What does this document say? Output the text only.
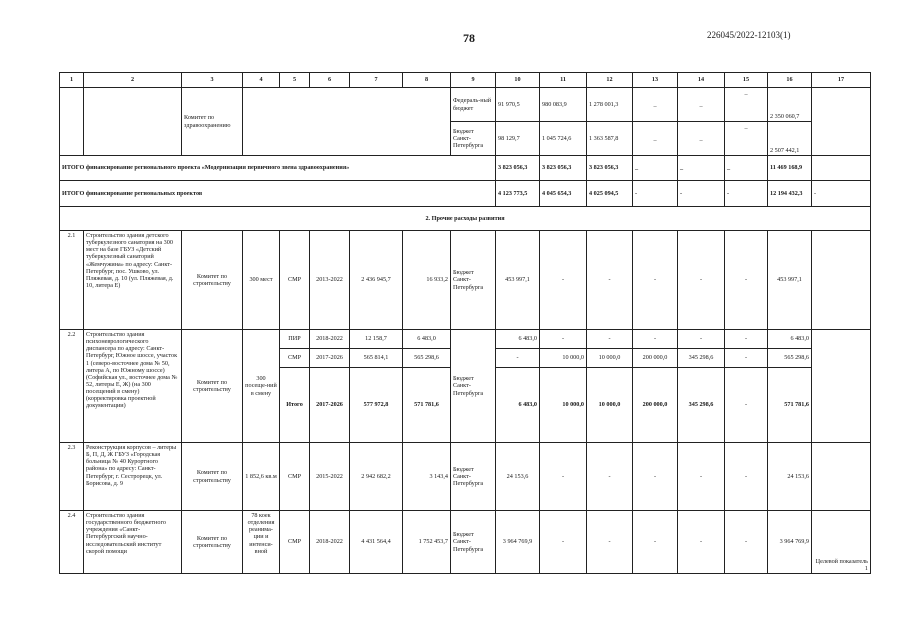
78	226045/2022-12103(1)
1	2	3	4	5	6	7	8	9	10	11	12	13	14	15	16	17
		Комитет по здравоохранению						Федераль-ный бюджет	91 970,5	980 083,9	1 278 001,3	_	_	_	2 350 060,7	
								Бюджет Санкт-Петербурга	98 129,7	1 045 724,6	1 363 587,8	_	_	_	2 507 442,1	
ИТОГО финансирование регионального проекта «Модернизация первичного звена здравоохранения»									3 823 056,3	3 823 056,3	3 823 056,3	_	_	_	11 469 168,9	
ИТОГО финансирование региональных проектов									4 123 773,5	4 045 654,3	4 025 094,5	-	-	-	12 194 432,3	-
2. Прочие расходы развития																
2.1	Строительство здания детского туберкулезного санатория на 300 мест на базе ГБУЗ «Детский туберкулезный санаторий «Жемчужина» по адресу: Санкт-Петербург, пос. Ушково, ул. Пляжевая, д. 10 (ул. Пляжевая, д. 10, литера Е)	Комитет по строительству	300 мест	СМР	2013-2022	2 436 945,7	16 933,2	Бюджет Санкт-Петербурга	453 997,1	-	-	-	-	-	453 997,1	
2.2	Строительство здания психоневрологического диспансера по адресу: Санкт-Петербург, Южное шоссе, участок 1 (северо-восточнее дома № 50, литера А, по Южному шоссе) (Софийская ул., восточнее дома № 52, литеры Е, Ж) (на 300 посещений в смену) (корректировка проектной документации)	Комитет по строительству	300 посеще-ний в смену	ПИР	2018-2022	12 158,7	6 483,0	Бюджет Санкт-Петербурга	6 483,0	-	-	-	-	-	6 483,0	
				СМР	2017-2026	565 814,1	565 298,6		-	10 000,0	10 000,0	200 000,0	345 298,6	-	565 298,6	
				Итого	2017-2026	577 972,8	571 781,6		6 483,0	10 000,0	10 000,0	200 000,0	345 298,6	-	571 781,6	
2.3	Реконструкция корпусов – литеры Б, П, Д, Ж ГБУЗ «Городская больница № 40 Курортного района» по адресу: Санкт-Петербург, г. Сестрорецк, ул. Борисова, д. 9	Комитет по строительству	1 852,6 кв.м	СМР	2015-2022	2 942 682,2	3 143,4	Бюджет Санкт-Петербурга	24 153,6	-	-	-	-	-	24 153,6	
2.4	Строительство здания государственного бюджетного учреждения «Санкт-Петербургский научно-исследовательский институт скорой помощи	Комитет по строительству	78 коек отделения реанима-ции и интенси-вной	СМР	2018-2022	4 431 564,4	1 752 453,7	Бюджет Санкт-Петербурга	3 964 769,9	-	-	-	-	-	3 964 769,9	Целевой показатель 1
